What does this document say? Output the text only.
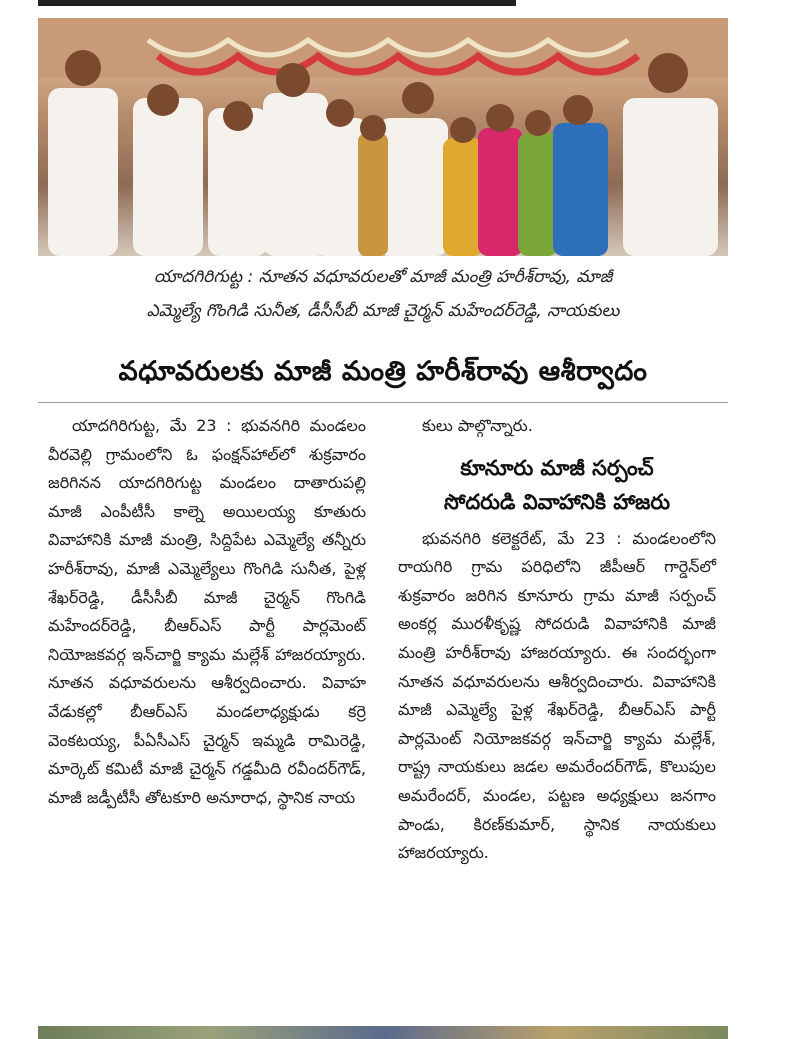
యాదగిరిగుట్ట : నూతన వధూవరులతో మాజీ మంత్రి హరీశ్‌రావు, మాజీ
ఎమ్మెల్యే గొంగిడి సునీత, డీసీసీబీ మాజీ చైర్మన్ మహేందర్‌రెడ్డి, నాయకులు
వధూవరులకు మాజీ మంత్రి హరీశ్‌రావు ఆశీర్వాదం

యాదగిరిగుట్ట, మే 23 : భువనగిరి మండలం వీరవెల్లి గ్రామంలోని ఓ ఫంక్షన్‌హాల్‌లో శుక్రవారం జరిగినన యాదగిరిగుట్ట మండలం దాతారుపల్లి మాజీ ఎంపీటీసీ కాల్నె అయిలయ్య కూతురు వివాహానికి మాజీ మంత్రి, సిద్దిపేట ఎమ్మెల్యే తన్నీరు హరీశ్‌రావు, మాజీ ఎమ్మెల్యేలు గొంగిడి సునీత, పైళ్ల శేఖర్‌రెడ్డి, డీసీసీబీ మాజీ చైర్మన్ గొంగిడి మహేందర్‌రెడ్డి, బీఆర్‌ఎస్ పార్టీ పార్లమెంట్ నియోజకవర్గ ఇన్‌చార్జి క్యామ మల్లేశ్ హాజరయ్యారు. నూతన వధూవరులను ఆశీర్వదించారు. వివాహ వేడుకల్లో బీఆర్‌ఎస్ మండలాధ్యక్షుడు కర్రె వెంకటయ్య, పీఏసీఎస్ చైర్మన్ ఇమ్మడి రామిరెడ్డి, మార్కెట్ కమిటీ మాజీ చైర్మన్ గడ్డమీది రవీందర్‌గౌడ్, మాజీ జడ్పీటీసీ తోటకూరి అనూరాధ, స్థానిక నాయ

కులు పాల్గొన్నారు.

కూనూరు మాజీ సర్పంచ్
సోదరుడి వివాహానికి హాజరు

భువనగిరి కలెక్టరేట్, మే 23 : మండలంలోని రాయగిరి గ్రామ పరిధిలోని జీపీఆర్ గార్డెన్‌లో శుక్రవారం జరిగిన కూనూరు గ్రామ మాజీ సర్పంచ్ అంకర్ల మురళీకృష్ణ సోదరుడి వివాహానికి మాజీ మంత్రి హరీశ్‌రావు హాజరయ్యారు. ఈ సందర్భంగా నూతన వధూవరులను ఆశీర్వదించారు. వివాహానికి మాజీ ఎమ్మెల్యే పైళ్ల శేఖర్‌రెడ్డి, బీఆర్‌ఎస్ పార్టీ పార్లమెంట్ నియోజకవర్గ ఇన్‌చార్జి క్యామ మల్లేశ్, రాష్ట్ర నాయకులు జడల అమరేందర్‌గౌడ్, కొలుపుల అమరేందర్, మండల, పట్టణ అధ్యక్షులు జనగాం పాండు, కిరణ్‌కుమార్, స్థానిక నాయకులు హాజరయ్యారు.
